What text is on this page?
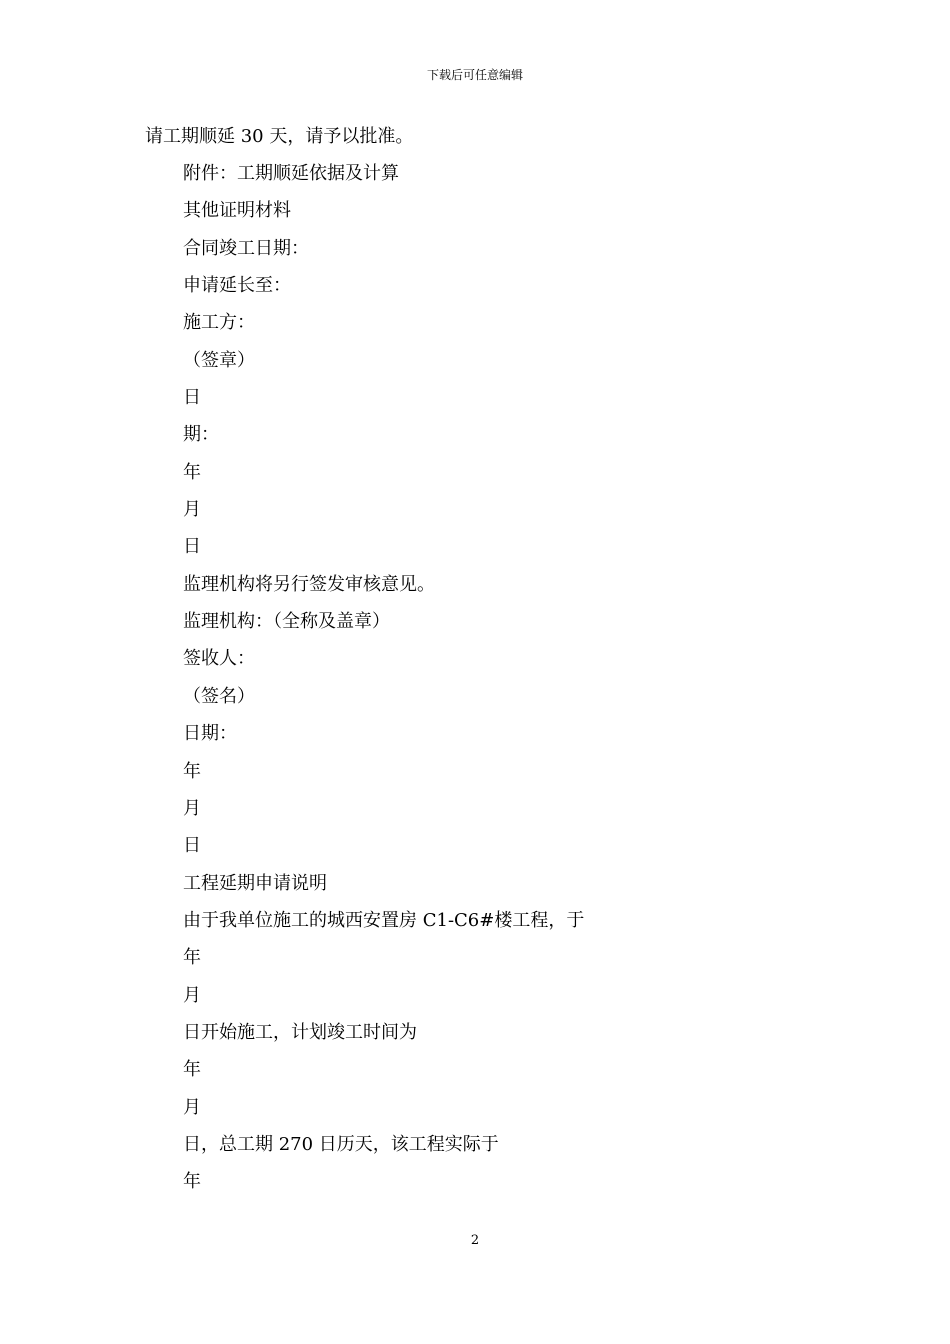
下载后可任意编辑
请工期顺延 30 天，请予以批准。
附件：工期顺延依据及计算
其他证明材料
合同竣工日期：
申请延长至：
施工方：
（签章）
日
期：
年
月
日
监理机构将另行签发审核意见。
监理机构：（全称及盖章）
签收人：
（签名）
日期：
年
月
日
工程延期申请说明
由于我单位施工的城西安置房 C1-C6#楼工程，于
年
月
日开始施工，计划竣工时间为
年
月
日，总工期 270 日历天，该工程实际于
年
2
